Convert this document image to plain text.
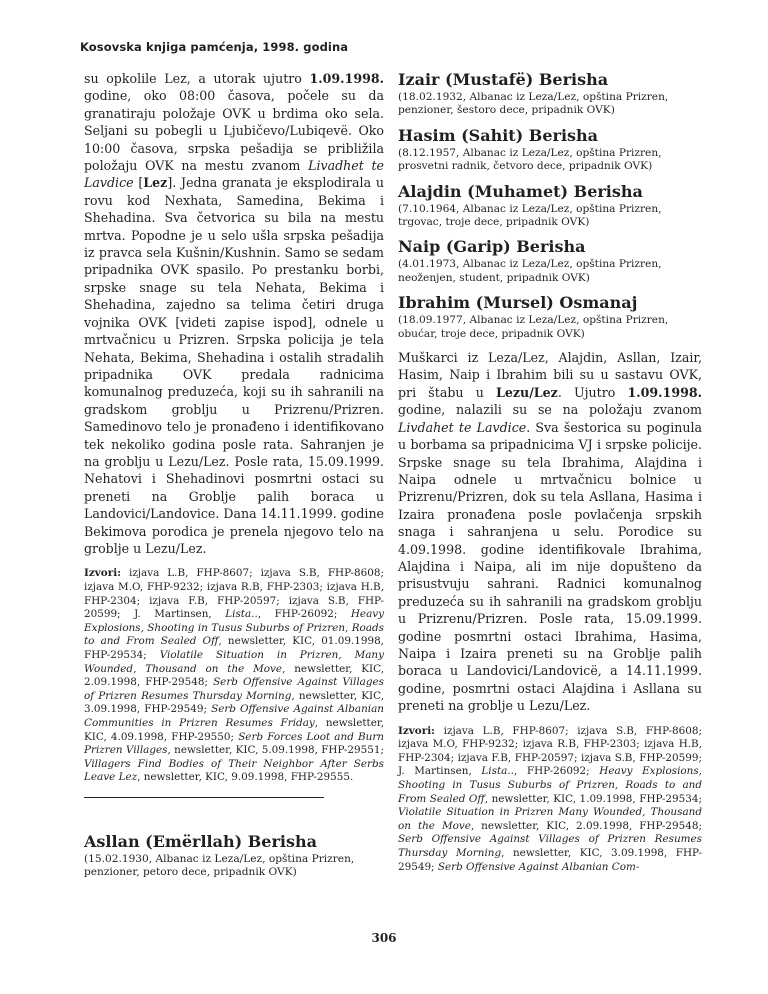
Kosovska knjiga pamćenja, 1998. godina

su opkolile Lez, a utorak ujutro 1.09.1998. godine, oko 08:00 časova, počele su da granatiraju položaje OVK u brdima oko sela. Seljani su pobegli u Ljubičevo/Lubiqevë. Oko 10:00 časova, srpska pešadija se približila položaju OVK na mestu zvanom Livadhet te Lavdice [Lez]. Jedna granata je eksplodirala u rovu kod Nexhata, Samedina, Bekima i Shehadina. Sva četvorica su bila na mestu mrtva. Popodne je u selo ušla srpska pešadija iz pravca sela Kušnin/Kushnin. Samo se sedam pripadnika OVK spasilo. Po prestanku borbi, srpske snage su tela Nehata, Bekima i Shehadina, zajedno sa telima četiri druga vojnika OVK [videti zapise ispod], odnele u mrtvačnicu u Prizren. Srpska policija je tela Nehata, Bekima, Shehadina i ostalih stradalih pripadnika OVK predala radnicima komunalnog preduzeća, koji su ih sahranili na gradskom groblju u Prizrenu/Prizren. Samedinovo telo je pronađeno i identifikovano tek nekoliko godina posle rata. Sahranjen je na groblju u Lezu/Lez. Posle rata, 15.09.1999. Nehatovi i Shehadinovi posmrtni ostaci su preneti na Groblje palih boraca u Landovici/Landovice. Dana 14.11.1999. godine Bekimova porodica je prenela njegovo telo na groblje u Lezu/Lez.

Izvori: izjava L.B, FHP-8607; izjava S.B, FHP-8608; izjava M.O, FHP-9232; izjava R.B, FHP-2303; izjava H.B, FHP-2304; izjava F.B, FHP-20597; izjava S.B, FHP-20599; J. Martinsen, Lista.., FHP-26092; Heavy Explosions, Shooting in Tusus Suburbs of Prizren, Roads to and From Sealed Off, newsletter, KIC, 01.09.1998, FHP-29534; Violatile Situation in Prizren, Many Wounded, Thousand on the Move, newsletter, KIC, 2.09.1998, FHP-29548; Serb Offensive Against Villages of Prizren Resumes Thursday Morning, newsletter, KIC, 3.09.1998, FHP-29549; Serb Offensive Against Albanian Communities in Prizren Resumes Friday, newsletter, KIC, 4.09.1998, FHP-29550; Serb Forces Loot and Burn Prizren Villages, newsletter, KIC, 5.09.1998, FHP-29551; Villagers Find Bodies of Their Neighbor After Serbs Leave Lez, newsletter, KIC, 9.09.1998, FHP-29555.

Asllan (Emërllah) Berisha

(15.02.1930, Albanac iz Leza/Lez, opština Prizren, penzioner, petoro dece, pripadnik OVK)

Izair (Mustafë) Berisha

(18.02.1932, Albanac iz Leza/Lez, opština Prizren, penzioner, šestoro dece, pripadnik OVK)

Hasim (Sahit) Berisha

(8.12.1957, Albanac iz Leza/Lez, opština Prizren, prosvetni radnik, četvoro dece, pripadnik OVK)

Alajdin (Muhamet) Berisha

(7.10.1964, Albanac iz Leza/Lez, opština Prizren, trgovac, troje dece, pripadnik OVK)

Naip (Garip) Berisha

(4.01.1973, Albanac iz Leza/Lez, opština Prizren, neoženjen, student, pripadnik OVK)

Ibrahim (Mursel) Osmanaj

(18.09.1977, Albanac iz Leza/Lez, opština Prizren, obućar, troje dece, pripadnik OVK)

Muškarci iz Leza/Lez, Alajdin, Asllan, Izair, Hasim, Naip i Ibrahim bili su u sastavu OVK, pri štabu u Lezu/Lez. Ujutro 1.09.1998. godine, nalazili su se na položaju zvanom Livdahet te Lavdice. Sva šestorica su poginula u borbama sa pripadnicima VJ i srpske policije. Srpske snage su tela Ibrahima, Alajdina i Naipa odnele u mrtvačnicu bolnice u Prizrenu/Prizren, dok su tela Asllana, Hasima i Izaira pronađena posle povlačenja srpskih snaga i sahranjena u selu. Porodice su 4.09.1998. godine identifikovale Ibrahima, Alajdina i Naipa, ali im nije dopušteno da prisustvuju sahrani. Radnici komunalnog preduzeća su ih sahranili na gradskom groblju u Prizrenu/Prizren. Posle rata, 15.09.1999. godine posmrtni ostaci Ibrahima, Hasima, Naipa i Izaira preneti su na Groblje palih boraca u Landovici/Landovicë, a 14.11.1999. godine, posmrtni ostaci Alajdina i Asllana su preneti na groblje u Lezu/Lez.

Izvori: izjava L.B, FHP-8607; izjava S.B, FHP-8608; izjava M.O, FHP-9232; izjava R.B, FHP-2303; izjava H.B, FHP-2304; izjava F.B, FHP-20597; izjava S.B, FHP-20599; J. Martinsen, Lista.., FHP-26092; Heavy Explosions, Shooting in Tusus Suburbs of Prizren, Roads to and From Sealed Off, newsletter, KIC, 1.09.1998, FHP-29534; Violatile Situation in Prizren Many Wounded, Thousand on the Move, newsletter, KIC, 2.09.1998, FHP-29548; Serb Offensive Against Villages of Prizren Resumes Thursday Morning, newsletter, KIC, 3.09.1998, FHP-29549; Serb Offensive Against Albanian Com-

306
